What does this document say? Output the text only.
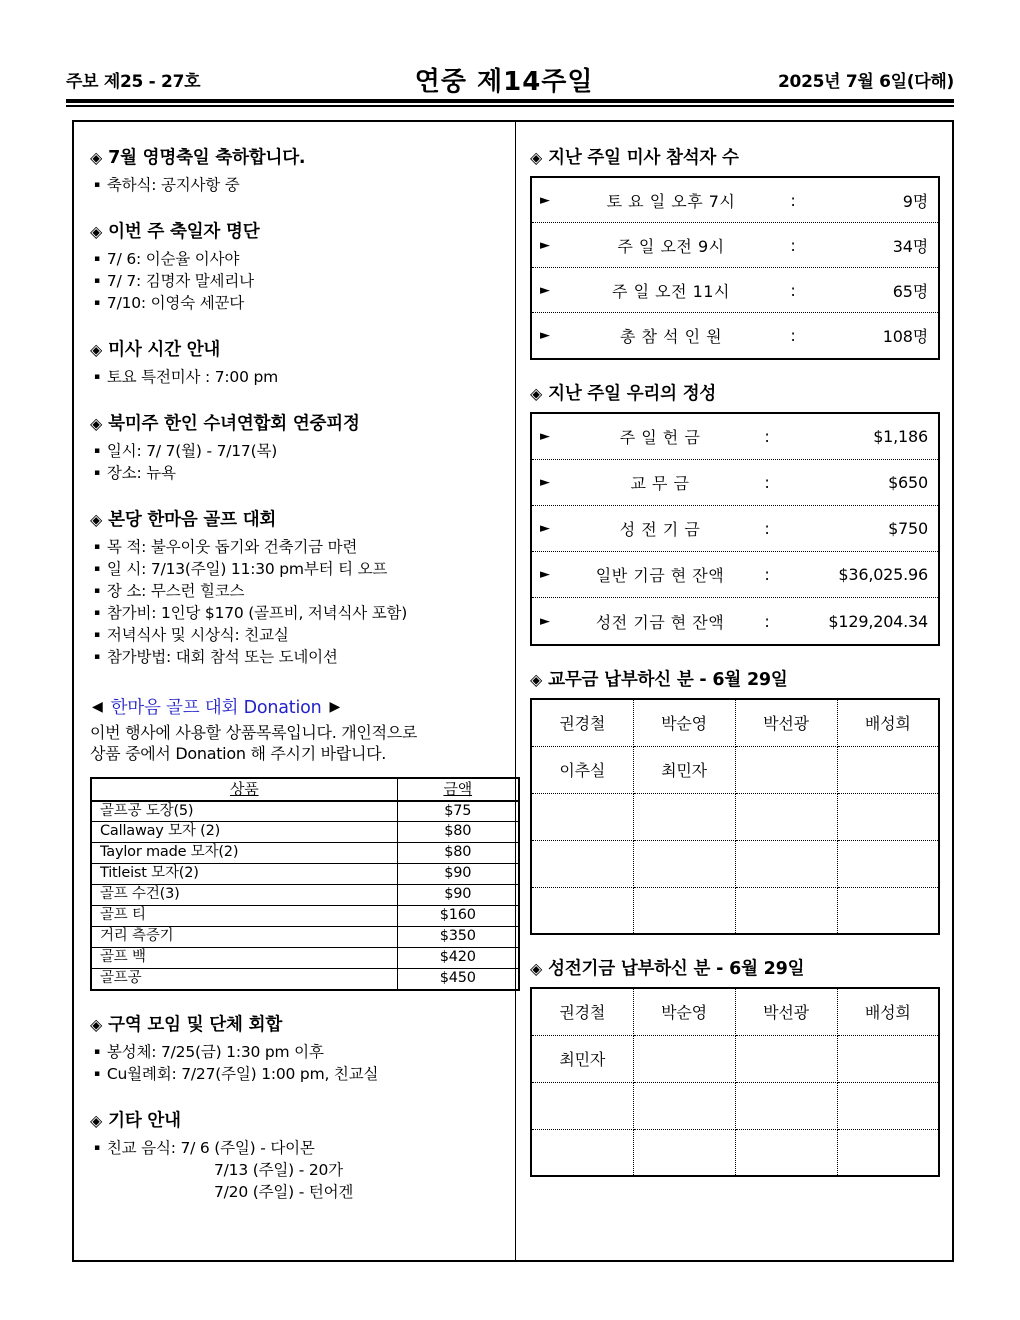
주보 제25 - 27호	연중 제14주일	2025년 7월 6일(다해)
◈ 7월 영명축일 축하합니다.
▪ 축하식: 공지사항 중
◈ 이번 주 축일자 명단
▪ 7/ 6: 이순율 이사야
▪ 7/ 7: 김명자 말세리나
▪ 7/10: 이영숙 세꾼다
◈ 미사 시간 안내
▪ 토요 특전미사 : 7:00 pm
◈ 북미주 한인 수녀연합회 연중피정
▪ 일시: 7/ 7(월) - 7/17(목)
▪ 장소: 뉴욕
◈ 본당 한마음 골프 대회
▪ 목 적: 불우이웃 돕기와 건축기금 마련
▪ 일 시: 7/13(주일) 11:30 pm부터 티 오프
▪ 장 소: 무스런 힐코스
▪ 참가비: 1인당 $170 (골프비, 저녁식사 포함)
▪ 저녁식사 및 시상식: 친교실
▪ 참가방법: 대회 참석 또는 도네이션
◀ 한마음 골프 대회 Donation ▶
이번 행사에 사용할 상품목록입니다. 개인적으로
상품 중에서 Donation 해 주시기 바랍니다.
상품	금액
골프공 도장(5)	$75
Callaway 모자 (2)	$80
Taylor made 모자(2)	$80
Titleist 모자(2)	$90
골프 수건(3)	$90
골프 티	$160
거리 측증기	$350
골프 백	$420
골프공	$450
◈ 구역 모임 및 단체 회합
▪ 봉성체: 7/25(금) 1:30 pm 이후
▪ Cu월례회: 7/27(주일) 1:00 pm, 친교실
◈ 기타 안내
▪ 친교 음식: 7/ 6 (주일) - 다이몬
7/13 (주일) - 20가
7/20 (주일) - 턴어겐
◈ 지난 주일 미사 참석자 수
►	토 요 일 오후 7시	:	9명
►	주 일 오전 9시	:	34명
►	주 일 오전 11시	:	65명
►	총 참 석 인 원	:	108명
◈ 지난 주일 우리의 정성
►	주 일 헌 금	:	$1,186
►	교 무 금	:	$650
►	성 전 기 금	:	$750
►	일반 기금 현 잔액	:	$36,025.96
►	성전 기금 현 잔액	:	$129,204.34
◈ 교무금 납부하신 분 - 6월 29일
권경철	박순영	박선광	배성희
이추실	최민자		

◈ 성전기금 납부하신 분 - 6월 29일
권경철	박순영	박선광	배성희
최민자			
